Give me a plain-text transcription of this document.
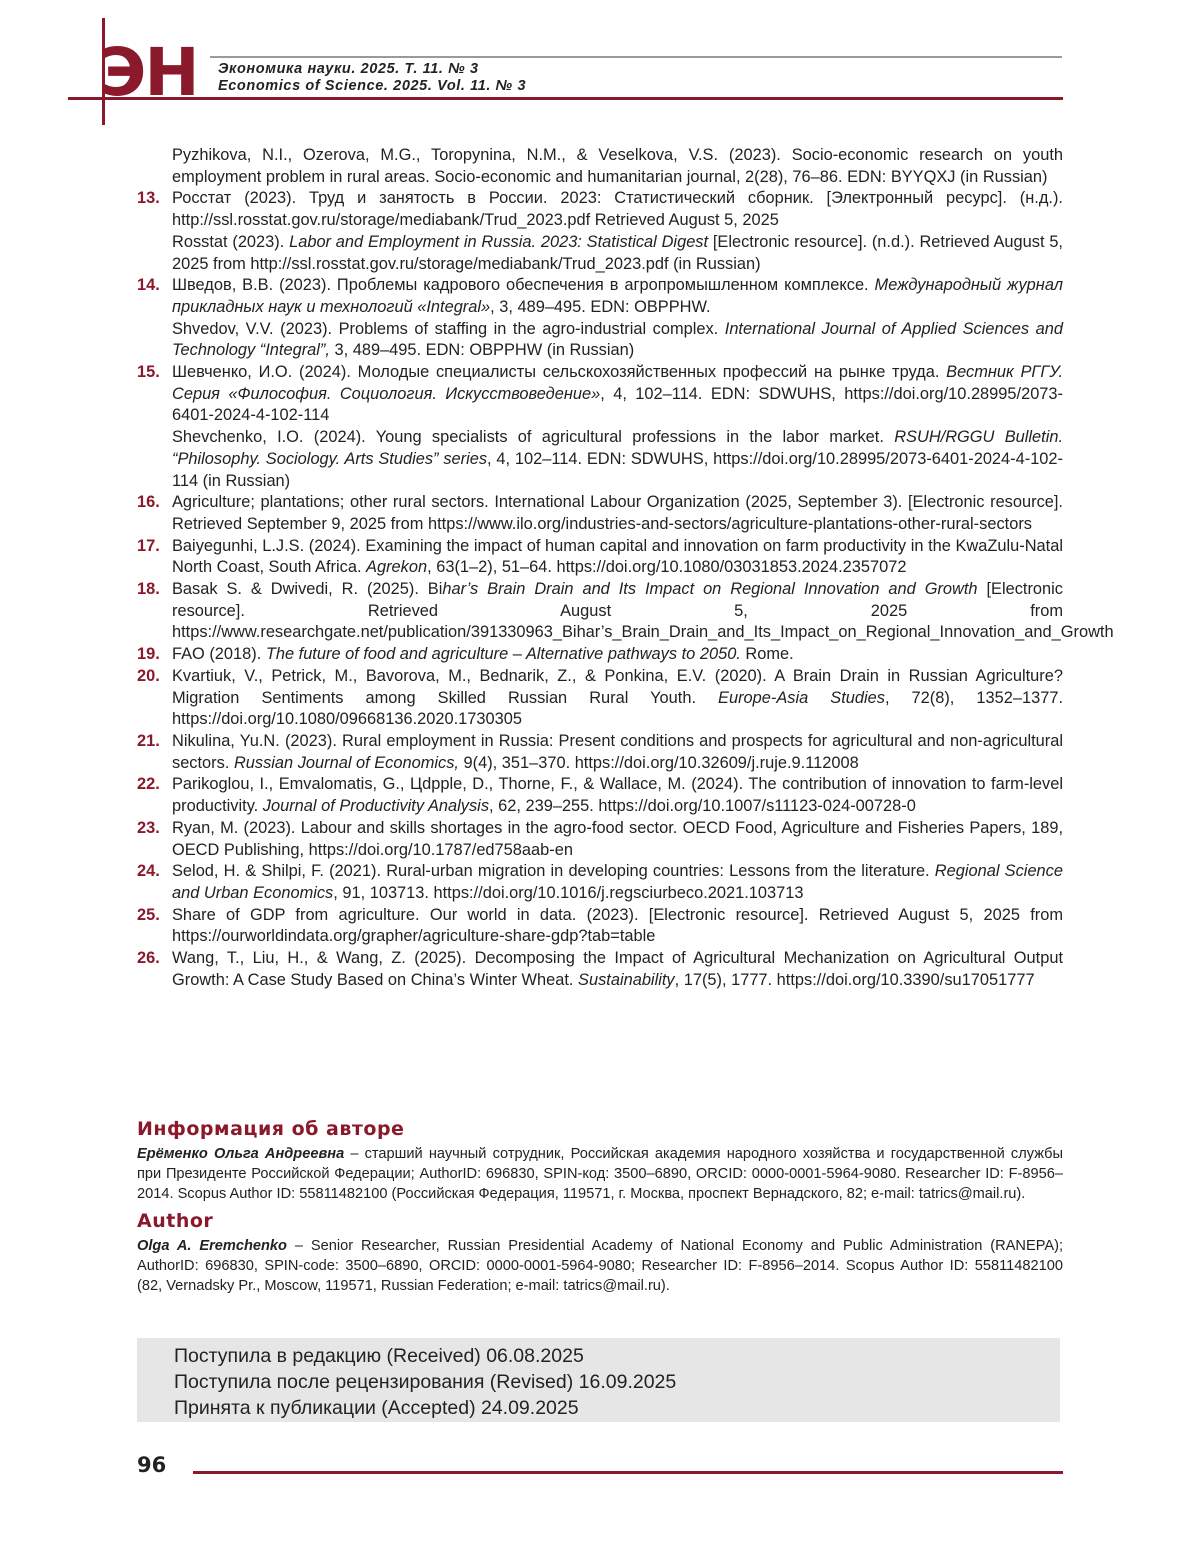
ЭН Экономика науки. 2025. Т. 11. № 3
Economics of Science. 2025. Vol. 11. № 3

Pyzhikova, N.I., Ozerova, M.G., Toropynina, N.M., & Veselkova, V.S. (2023). Socio-economic research on youth employment problem in rural areas. Socio-economic and humanitarian journal, 2(28), 76–86. EDN: BYYQXJ (in Russian)

13. Росстат (2023). Труд и занятость в России. 2023: Статистический сборник. [Электронный ресурс]. (н.д.). http://ssl.rosstat.gov.ru/storage/mediabank/Trud_2023.pdf Retrieved August 5, 2025

Rosstat (2023). Labor and Employment in Russia. 2023: Statistical Digest [Electronic resource]. (n.d.). Retrieved August 5, 2025 from http://ssl.rosstat.gov.ru/storage/mediabank/Trud_2023.pdf (in Russian)

14. Шведов, В.В. (2023). Проблемы кадрового обеспечения в агропромышленном комплексе. Международный журнал прикладных наук и технологий «Integral», 3, 489–495. EDN: OBPPHW.

Shvedov, V.V. (2023). Problems of staffing in the agro-industrial complex. International Journal of Applied Sciences and Technology “Integral”, 3, 489–495. EDN: OBPPHW (in Russian)

15. Шевченко, И.О. (2024). Молодые специалисты сельскохозяйственных профессий на рынке труда. Вестник РГГУ. Серия «Философия. Социология. Искусствоведение», 4, 102–114. EDN: SDWUHS, https://doi.org/10.28995/2073-6401-2024-4-102-114

Shevchenko, I.O. (2024). Young specialists of agricultural professions in the labor market. RSUH/RGGU Bulletin. “Philosophy. Sociology. Arts Studies” series, 4, 102–114. EDN: SDWUHS, https://doi.org/10.28995/2073-6401-2024-4-102-114 (in Russian)

16. Agriculture; plantations; other rural sectors. International Labour Organization (2025, September 3). [Electronic resource]. Retrieved September 9, 2025 from https://www.ilo.org/industries-and-sectors/agriculture-plantations-other-rural-sectors

17. Baiyegunhi, L.J.S. (2024). Examining the impact of human capital and innovation on farm productivity in the KwaZulu-Natal North Coast, South Africa. Agrekon, 63(1–2), 51–64. https://doi.org/10.1080/03031853.2024.2357072

18. Basak S. & Dwivedi, R. (2025). Bihar’s Brain Drain and Its Impact on Regional Innovation and Growth [Electronic resource]. Retrieved August 5, 2025 from https://www.researchgate.net/publication/391330963_Bihar’s_Brain_Drain_and_Its_Impact_on_Regional_Innovation_and_Growth

19. FAO (2018). The future of food and agriculture – Alternative pathways to 2050. Rome.

20. Kvartiuk, V., Petrick, M., Bavorova, M., Bednarik, Z., & Ponkina, E.V. (2020). A Brain Drain in Russian Agriculture? Migration Sentiments among Skilled Russian Rural Youth. Europe-Asia Studies, 72(8), 1352–1377. https://doi.org/10.1080/09668136.2020.1730305

21. Nikulina, Yu.N. (2023). Rural employment in Russia: Present conditions and prospects for agricultural and non-agricultural sectors. Russian Journal of Economics, 9(4), 351–370. https://doi.org/10.32609/j.ruje.9.112008

22. Parikoglou, I., Emvalomatis, G., Цdpple, D., Thorne, F., & Wallace, M. (2024). The contribution of innovation to farm-level productivity. Journal of Productivity Analysis, 62, 239–255. https://doi.org/10.1007/s11123-024-00728-0

23. Ryan, M. (2023). Labour and skills shortages in the agro-food sector. OECD Food, Agriculture and Fisheries Papers, 189, OECD Publishing, https://doi.org/10.1787/ed758aab-en

24. Selod, H. & Shilpi, F. (2021). Rural-urban migration in developing countries: Lessons from the literature. Regional Science and Urban Economics, 91, 103713. https://doi.org/10.1016/j.regsciurbeco.2021.103713

25. Share of GDP from agriculture. Our world in data. (2023). [Electronic resource]. Retrieved August 5, 2025 from https://ourworldindata.org/grapher/agriculture-share-gdp?tab=table

26. Wang, T., Liu, H., & Wang, Z. (2025). Decomposing the Impact of Agricultural Mechanization on Agricultural Output Growth: A Case Study Based on China’s Winter Wheat. Sustainability, 17(5), 1777. https://doi.org/10.3390/su17051777

Информация об авторе

Ерёменко Ольга Андреевна – старший научный сотрудник, Российская академия народного хозяйства и государственной службы при Президенте Российской Федерации; AuthorID: 696830, SPIN-код: 3500–6890, ORCID: 0000-0001-5964-9080. Researcher ID: F-8956–2014. Scopus Author ID: 55811482100 (Российская Федерация, 119571, г. Москва, проспект Вернадского, 82; e-mail: tatrics@mail.ru).

Author

Olga A. Eremchenko – Senior Researcher, Russian Presidential Academy of National Economy and Public Administration (RANEPA); AuthorID: 696830, SPIN-code: 3500–6890, ORCID: 0000-0001-5964-9080; Researcher ID: F-8956–2014. Scopus Author ID: 55811482100 (82, Vernadsky Pr., Moscow, 119571, Russian Federation; e-mail: tatrics@mail.ru).

Поступила в редакцию (Received) 06.08.2025
Поступила после рецензирования (Revised) 16.09.2025
Принята к публикации (Accepted) 24.09.2025
96
